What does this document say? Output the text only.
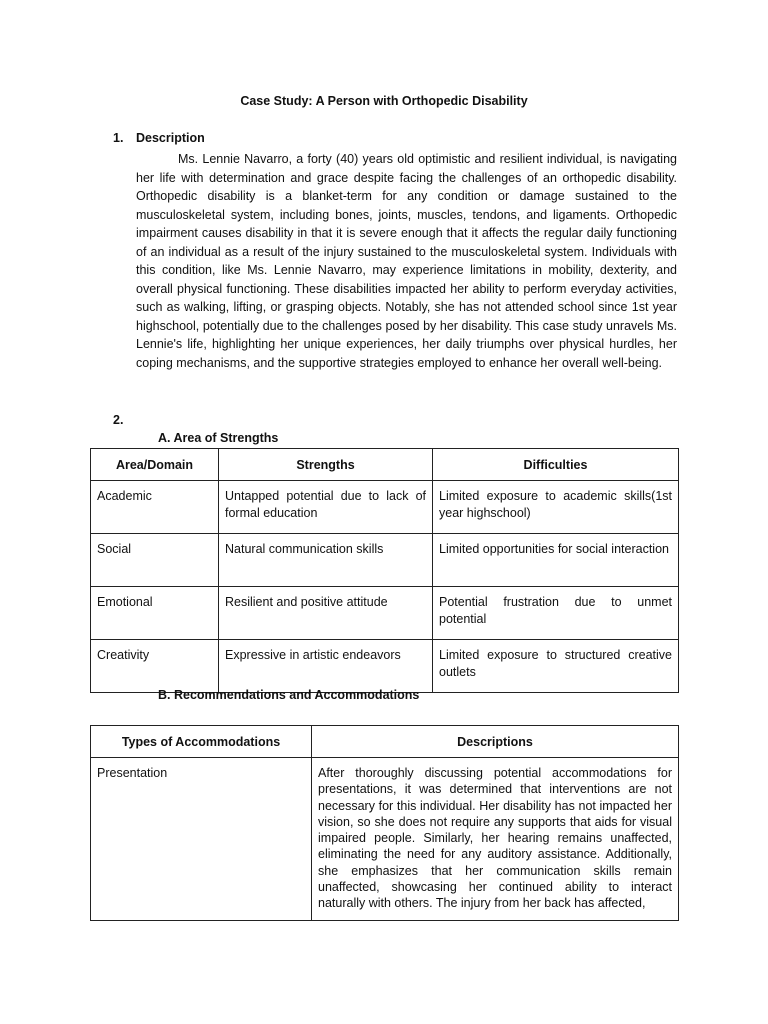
Case Study: A Person with Orthopedic Disability
1. Description

Ms. Lennie Navarro, a forty (40) years old optimistic and resilient individual, is navigating her life with determination and grace despite facing the challenges of an orthopedic disability. Orthopedic disability is a blanket-term for any condition or damage sustained to the musculoskeletal system, including bones, joints, muscles, tendons, and ligaments. Orthopedic impairment causes disability in that it is severe enough that it affects the regular daily functioning of an individual as a result of the injury sustained to the musculoskeletal system. Individuals with this condition, like Ms. Lennie Navarro, may experience limitations in mobility, dexterity, and overall physical functioning. These disabilities impacted her ability to perform everyday activities, such as walking, lifting, or grasping objects. Notably, she has not attended school since 1st year highschool, potentially due to the challenges posed by her disability. This case study unravels Ms. Lennie's life, highlighting her unique experiences, her daily triumphs over physical hurdles, her coping mechanisms, and the supportive strategies employed to enhance her overall well-being.

2.
A. Area of Strengths
Area/Domain	Strengths	Difficulties
Academic	Untapped potential due to lack of formal education	Limited exposure to academic skills(1st year highschool)
Social	Natural communication skills	Limited opportunities for social interaction
Emotional	Resilient and positive attitude	Potential frustration due to unmet potential
Creativity	Expressive in artistic endeavors	Limited exposure to structured creative outlets
B. Recommendations and Accommodations
Types of Accommodations	Descriptions
Presentation	After thoroughly discussing potential accommodations for presentations, it was determined that interventions are not necessary for this individual. Her disability has not impacted her vision, so she does not require any supports that aids for visual impaired people. Similarly, her hearing remains unaffected, eliminating the need for any auditory assistance. Additionally, she emphasizes that her communication skills remain unaffected, showcasing her continued ability to interact naturally with others. The injury from her back has affected,
